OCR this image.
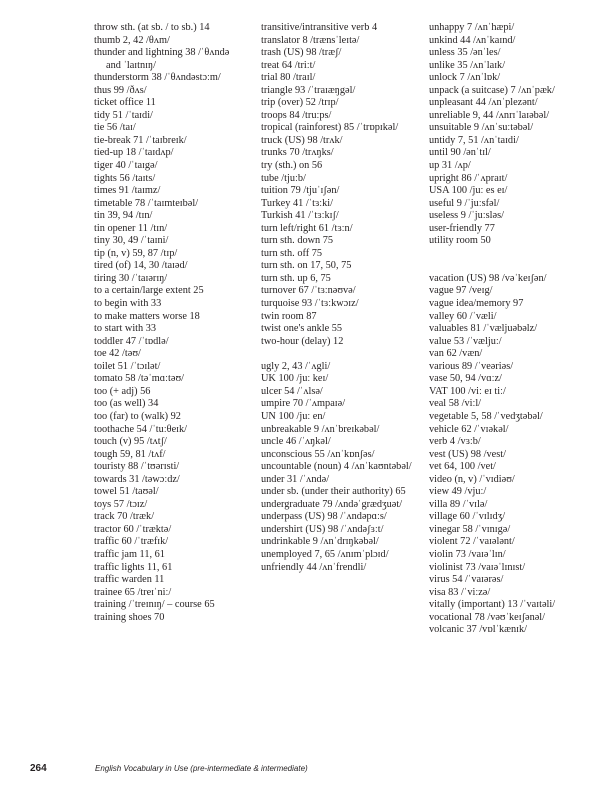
throw sth. (at sb. / to sb.) 14
thumb 2, 42 /θʌm/
thunder and lightning 38 /ˈθʌndə and ˈlaɪtnɪŋ/
thunderstorm 38 /ˈθʌndəstɔːm/
thus 99 /ðʌs/
ticket office 11
tidy 51 /ˈtaɪdi/
tie 56 /taɪ/
tie-break 71 /ˈtaɪbreɪk/
tied-up 18 /ˈtaɪdʌp/
tiger 40 /ˈtaɪgə/
tights 56 /taɪts/
times 91 /taɪmz/
timetable 78 /ˈtaɪmteɪbəl/
tin 39, 94 /tɪn/
tin opener 11 /tɪn/
tiny 30, 49 /ˈtaɪni/
tip (n, v) 59, 87 /tɪp/
tired (of) 14, 30 /taɪəd/
tiring 30 /ˈtaɪərɪŋ/
to a certain/large extent 25
to begin with 33
to make matters worse 18
to start with 33
toddler 47 /ˈtɒdlə/
toe 42 /təʊ/
toilet 51 /ˈtɔɪlət/
tomato 58 /təˈmɑːtəʊ/
too (+ adj) 56
too (as well) 34
too (far) to (walk) 92
toothache 54 /ˈtuːθeɪk/
touch (v) 95 /tʌtʃ/
tough 59, 81 /tʌf/
touristy 88 /ˈtʊərɪsti/
towards 31 /təwɔːdz/
towel 51 /taʊəl/
toys 57 /tɔɪz/
track 70 /træk/
tractor 60 /ˈtræktə/
traffic 60 /ˈtræfɪk/
traffic jam 11, 61
traffic lights 11, 61
traffic warden 11
trainee 65 /treɪˈniː/
training /ˈtreɪnɪŋ/ – course 65
training shoes 70
transitive/intransitive verb 4
translator 8 /trænsˈleɪtə/
trash (US) 98 /træʃ/
treat 64 /triːt/
trial 80 /traɪl/
triangle 93 /ˈtraɪæŋgəl/
trip (over) 52 /trɪp/
troops 84 /truːps/
tropical (rainforest) 85 /ˈtrɒpɪkəl/
truck (US) 98 /trʌk/
trunks 70 /trʌŋks/
try (sth.) on 56
tube /tjuːb/
tuition 79 /tjuˈɪʃən/
Turkey 41 /ˈtɜːki/
Turkish 41 /ˈtɜːkɪʃ/
turn left/right 61 /tɜːn/
turn sth. down 75
turn sth. off 75
turn sth. on 17, 50, 75
turn sth. up 6, 75
turnover 67 /ˈtɜːnəʊvə/
turquoise 93 /ˈtɜːkwɔɪz/
twin room 87
twist one's ankle 55
two-hour (delay) 12
ugly 2, 43 /ˈʌgli/
UK 100 /juː keɪ/
ulcer 54 /ˈʌlsə/
umpire 70 /ˈʌmpaɪə/
UN 100 /juː en/
unbreakable 9 /ʌnˈbreɪkəbəl/
uncle 46 /ˈʌŋkəl/
unconscious 55 /ʌnˈkɒnʃəs/
uncountable (noun) 4 /ʌnˈkaʊntəbəl/
under 31 /ˈʌndə/
under sb. (under their authority) 65
undergraduate 79 /ʌndəˈgrædʒuət/
underpass (US) 98 /ˈʌndəpɑːs/
undershirt (US) 98 /ˈʌndəʃɜːt/
undrinkable 9 /ʌnˈdrɪŋkəbəl/
unemployed 7, 65 /ʌnɪmˈplɔɪd/
unfriendly 44 /ʌnˈfrendli/
unhappy 7 /ʌnˈhæpi/
unkind 44 /ʌnˈkaɪnd/
unless 35 /ənˈles/
unlike 35 /ʌnˈlaɪk/
unlock 7 /ʌnˈlɒk/
unpack (a suitcase) 7 /ʌnˈpæk/
unpleasant 44 /ʌnˈplezənt/
unreliable 9, 44 /ʌnrɪˈlaɪəbəl/
unsuitable 9 /ʌnˈsuːtəbəl/
untidy 7, 51 /ʌnˈtaɪdi/
until 90 /ənˈtɪl/
up 31 /ʌp/
upright 86 /ˈʌpraɪt/
USA 100 /juː es eɪ/
useful 9 /ˈjuːsfəl/
useless 9 /ˈjuːsləs/
user-friendly 77
utility room 50
vacation (US) 98 /vəˈkeɪʃən/
vague 97 /veɪg/
vague idea/memory 97
valley 60 /ˈvæli/
valuables 81 /ˈvæljuəbəlz/
value 53 /ˈvæljuː/
van 62 /væn/
various 89 /ˈveəriəs/
vase 50, 94 /vɑːz/
VAT 100 /viː eɪ tiː/
veal 58 /viːl/
vegetable 5, 58 /ˈvedʒtəbəl/
vehicle 62 /ˈvɪəkəl/
verb 4 /vɜːb/
vest (US) 98 /vest/
vet 64, 100 /vet/
video (n, v) /ˈvɪdiəʊ/
view 49 /vjuː/
villa 89 /ˈvɪlə/
village 60 /ˈvɪlɪdʒ/
vinegar 58 /ˈvɪnɪgə/
violent 72 /ˈvaɪələnt/
violin 73 /vaɪəˈlɪn/
violinist 73 /vaɪəˈlɪnɪst/
virus 54 /ˈvaɪərəs/
visa 83 /ˈviːzə/
vitally (important) 13 /ˈvaɪtəli/
vocational 78 /vəʊˈkeɪʃənəl/
volcanic 37 /vɒlˈkænɪk/
264	English Vocabulary in Use (pre-intermediate & intermediate)
